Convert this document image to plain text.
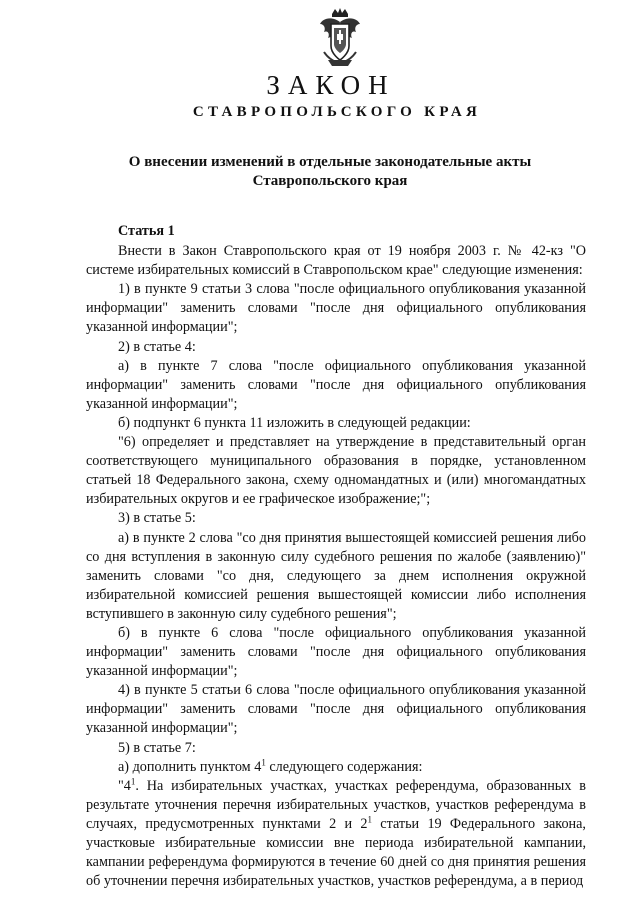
ЗАКОН
СТАВРОПОЛЬСКОГО КРАЯ
О внесении изменений в отдельные законодательные акты
Ставропольского края

Статья 1

Внести в Закон Ставропольского края от 19 ноября 2003 г. № 42-кз "О системе избирательных комиссий в Ставропольском крае" следующие изменения:

1) в пункте 9 статьи 3 слова "после официального опубликования указанной информации" заменить словами "после дня официального опубликования указанной информации";

2) в статье 4:

а) в пункте 7 слова "после официального опубликования указанной информации" заменить словами "после дня официального опубликования указанной информации";

б) подпункт 6 пункта 11 изложить в следующей редакции:

"6) определяет и представляет на утверждение в представительный орган соответствующего муниципального образования в порядке, установленном статьей 18 Федерального закона, схему одномандатных и (или) многомандатных избирательных округов и ее графическое изображение;";

3) в статье 5:

а) в пункте 2 слова "со дня принятия вышестоящей комиссией решения либо со дня вступления в законную силу судебного решения по жалобе (заявлению)" заменить словами "со дня, следующего за днем исполнения окружной избирательной комиссией решения вышестоящей комиссии либо исполнения вступившего в законную силу судебного решения";

б) в пункте 6 слова "после официального опубликования указанной информации" заменить словами "после дня официального опубликования указанной информации";

4) в пункте 5 статьи 6 слова "после официального опубликования указанной информации" заменить словами "после дня официального опубликования указанной информации";

5) в статье 7:

а) дополнить пунктом $4^1$ следующего содержания:

"$4^1$. На избирательных участках, участках референдума, образованных в результате уточнения перечня избирательных участков, участков референдума в случаях, предусмотренных пунктами 2 и $2^1$ статьи 19 Федерального закона, участковые избирательные комиссии вне периода избирательной кампании, кампании референдума формируются в течение 60 дней со дня принятия решения об уточнении перечня избирательных участков, участков референдума, а в период
